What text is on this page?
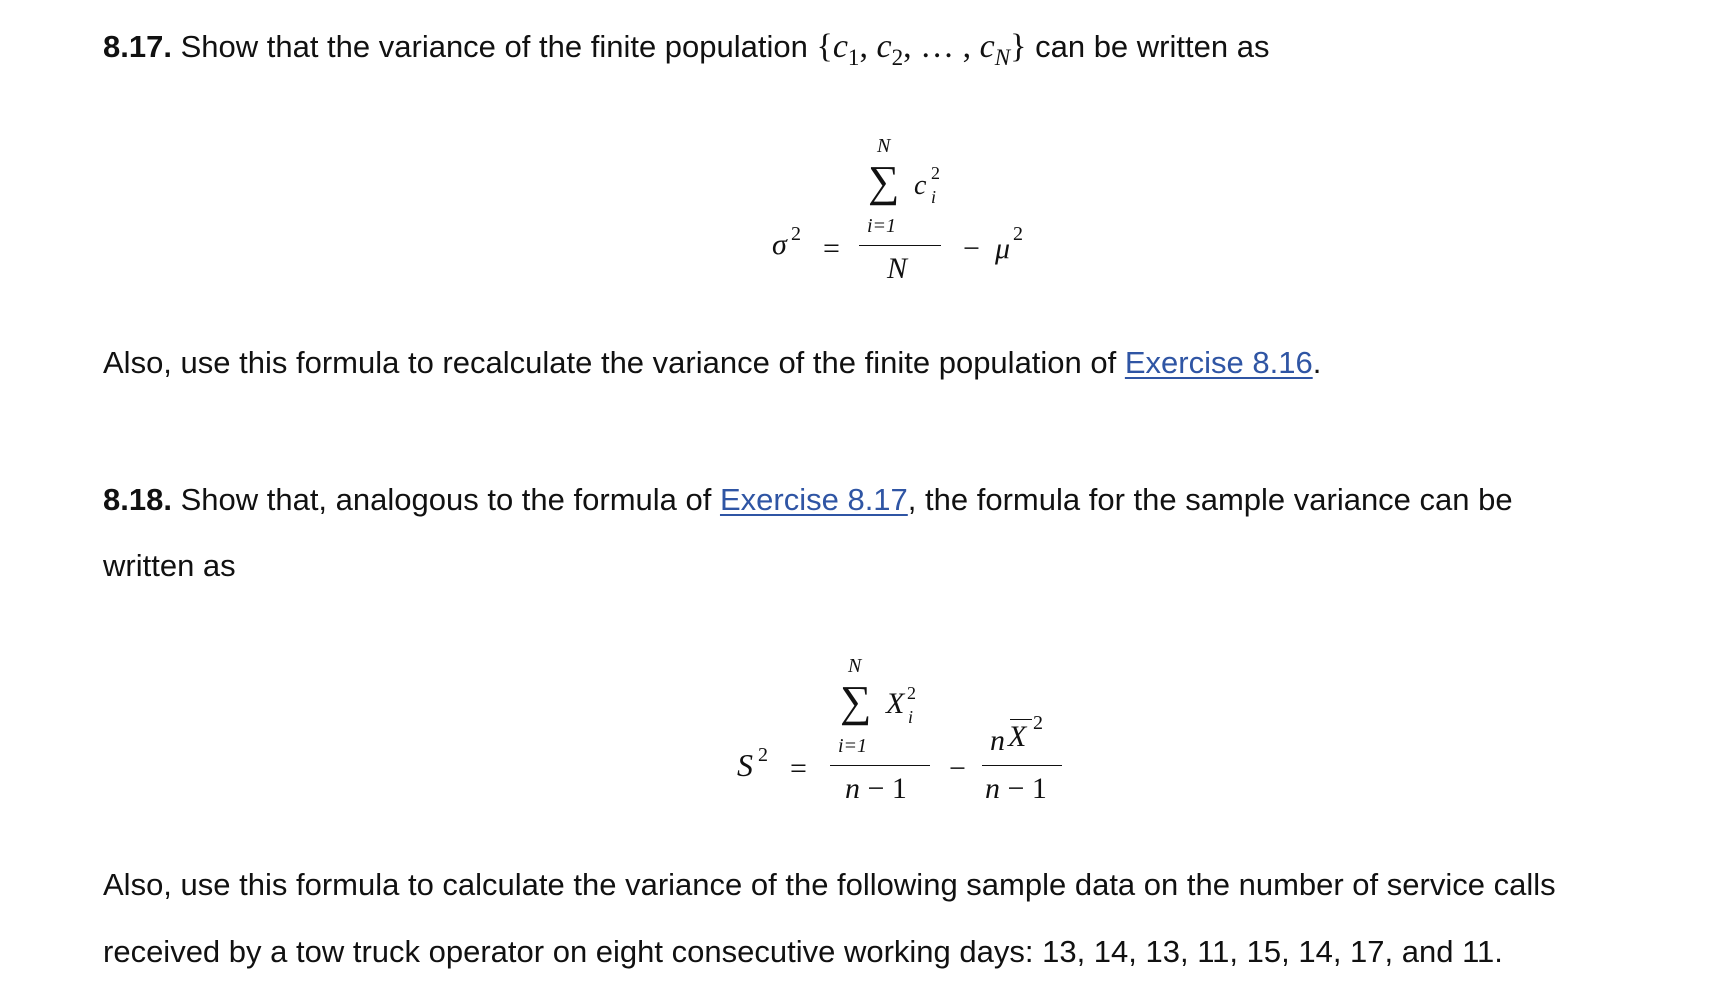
8.17. Show that the variance of the finite population {$c_1$, $c_2$, … , $c_N$} can be written as
σ 2 =
N
∑ c 2
i
i=1
N
− μ 2
Also, use this formula to recalculate the variance of the finite population of Exercise 8.16.
8.18. Show that, analogous to the formula of Exercise 8.17, the formula for the sample variance can be
written as
S 2 =
N
∑ X 2
i
i=1
n − 1
−
n X 2
n − 1
Also, use this formula to calculate the variance of the following sample data on the number of service calls
received by a tow truck operator on eight consecutive working days: 13, 14, 13, 11, 15, 14, 17, and 11.
